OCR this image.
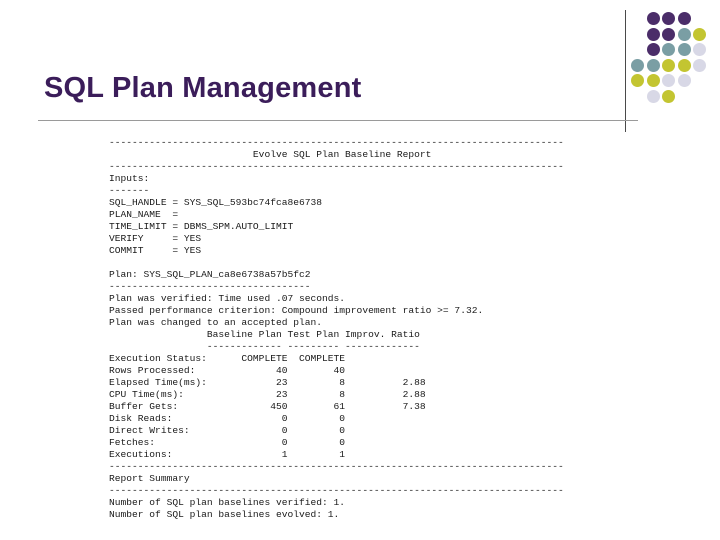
SQL Plan Management
-------------------------------------------------------------------------------
Evolve SQL Plan Baseline Report
-------------------------------------------------------------------------------
Inputs:
-------
SQL_HANDLE = SYS_SQL_593bc74fca8e6738
PLAN_NAME  =
TIME_LIMIT = DBMS_SPM.AUTO_LIMIT
VERIFY     = YES
COMMIT     = YES
Plan: SYS_SQL_PLAN_ca8e6738a57b5fc2
-----------------------------------
Plan was verified: Time used .07 seconds.
Passed performance criterion: Compound improvement ratio >= 7.32.
Plan was changed to an accepted plan.
Baseline Plan Test Plan Improv. Ratio
------------- --------- -------------
Execution Status:      COMPLETE  COMPLETE
Rows Processed:              40        40
Elapsed Time(ms):            23         8          2.88
CPU Time(ms):                23         8          2.88
Buffer Gets:                450        61          7.38
Disk Reads:                   0         0
Direct Writes:                0         0
Fetches:                      0         0
Executions:                   1         1
-------------------------------------------------------------------------------
Report Summary
-------------------------------------------------------------------------------
Number of SQL plan baselines verified: 1.
Number of SQL plan baselines evolved: 1.
